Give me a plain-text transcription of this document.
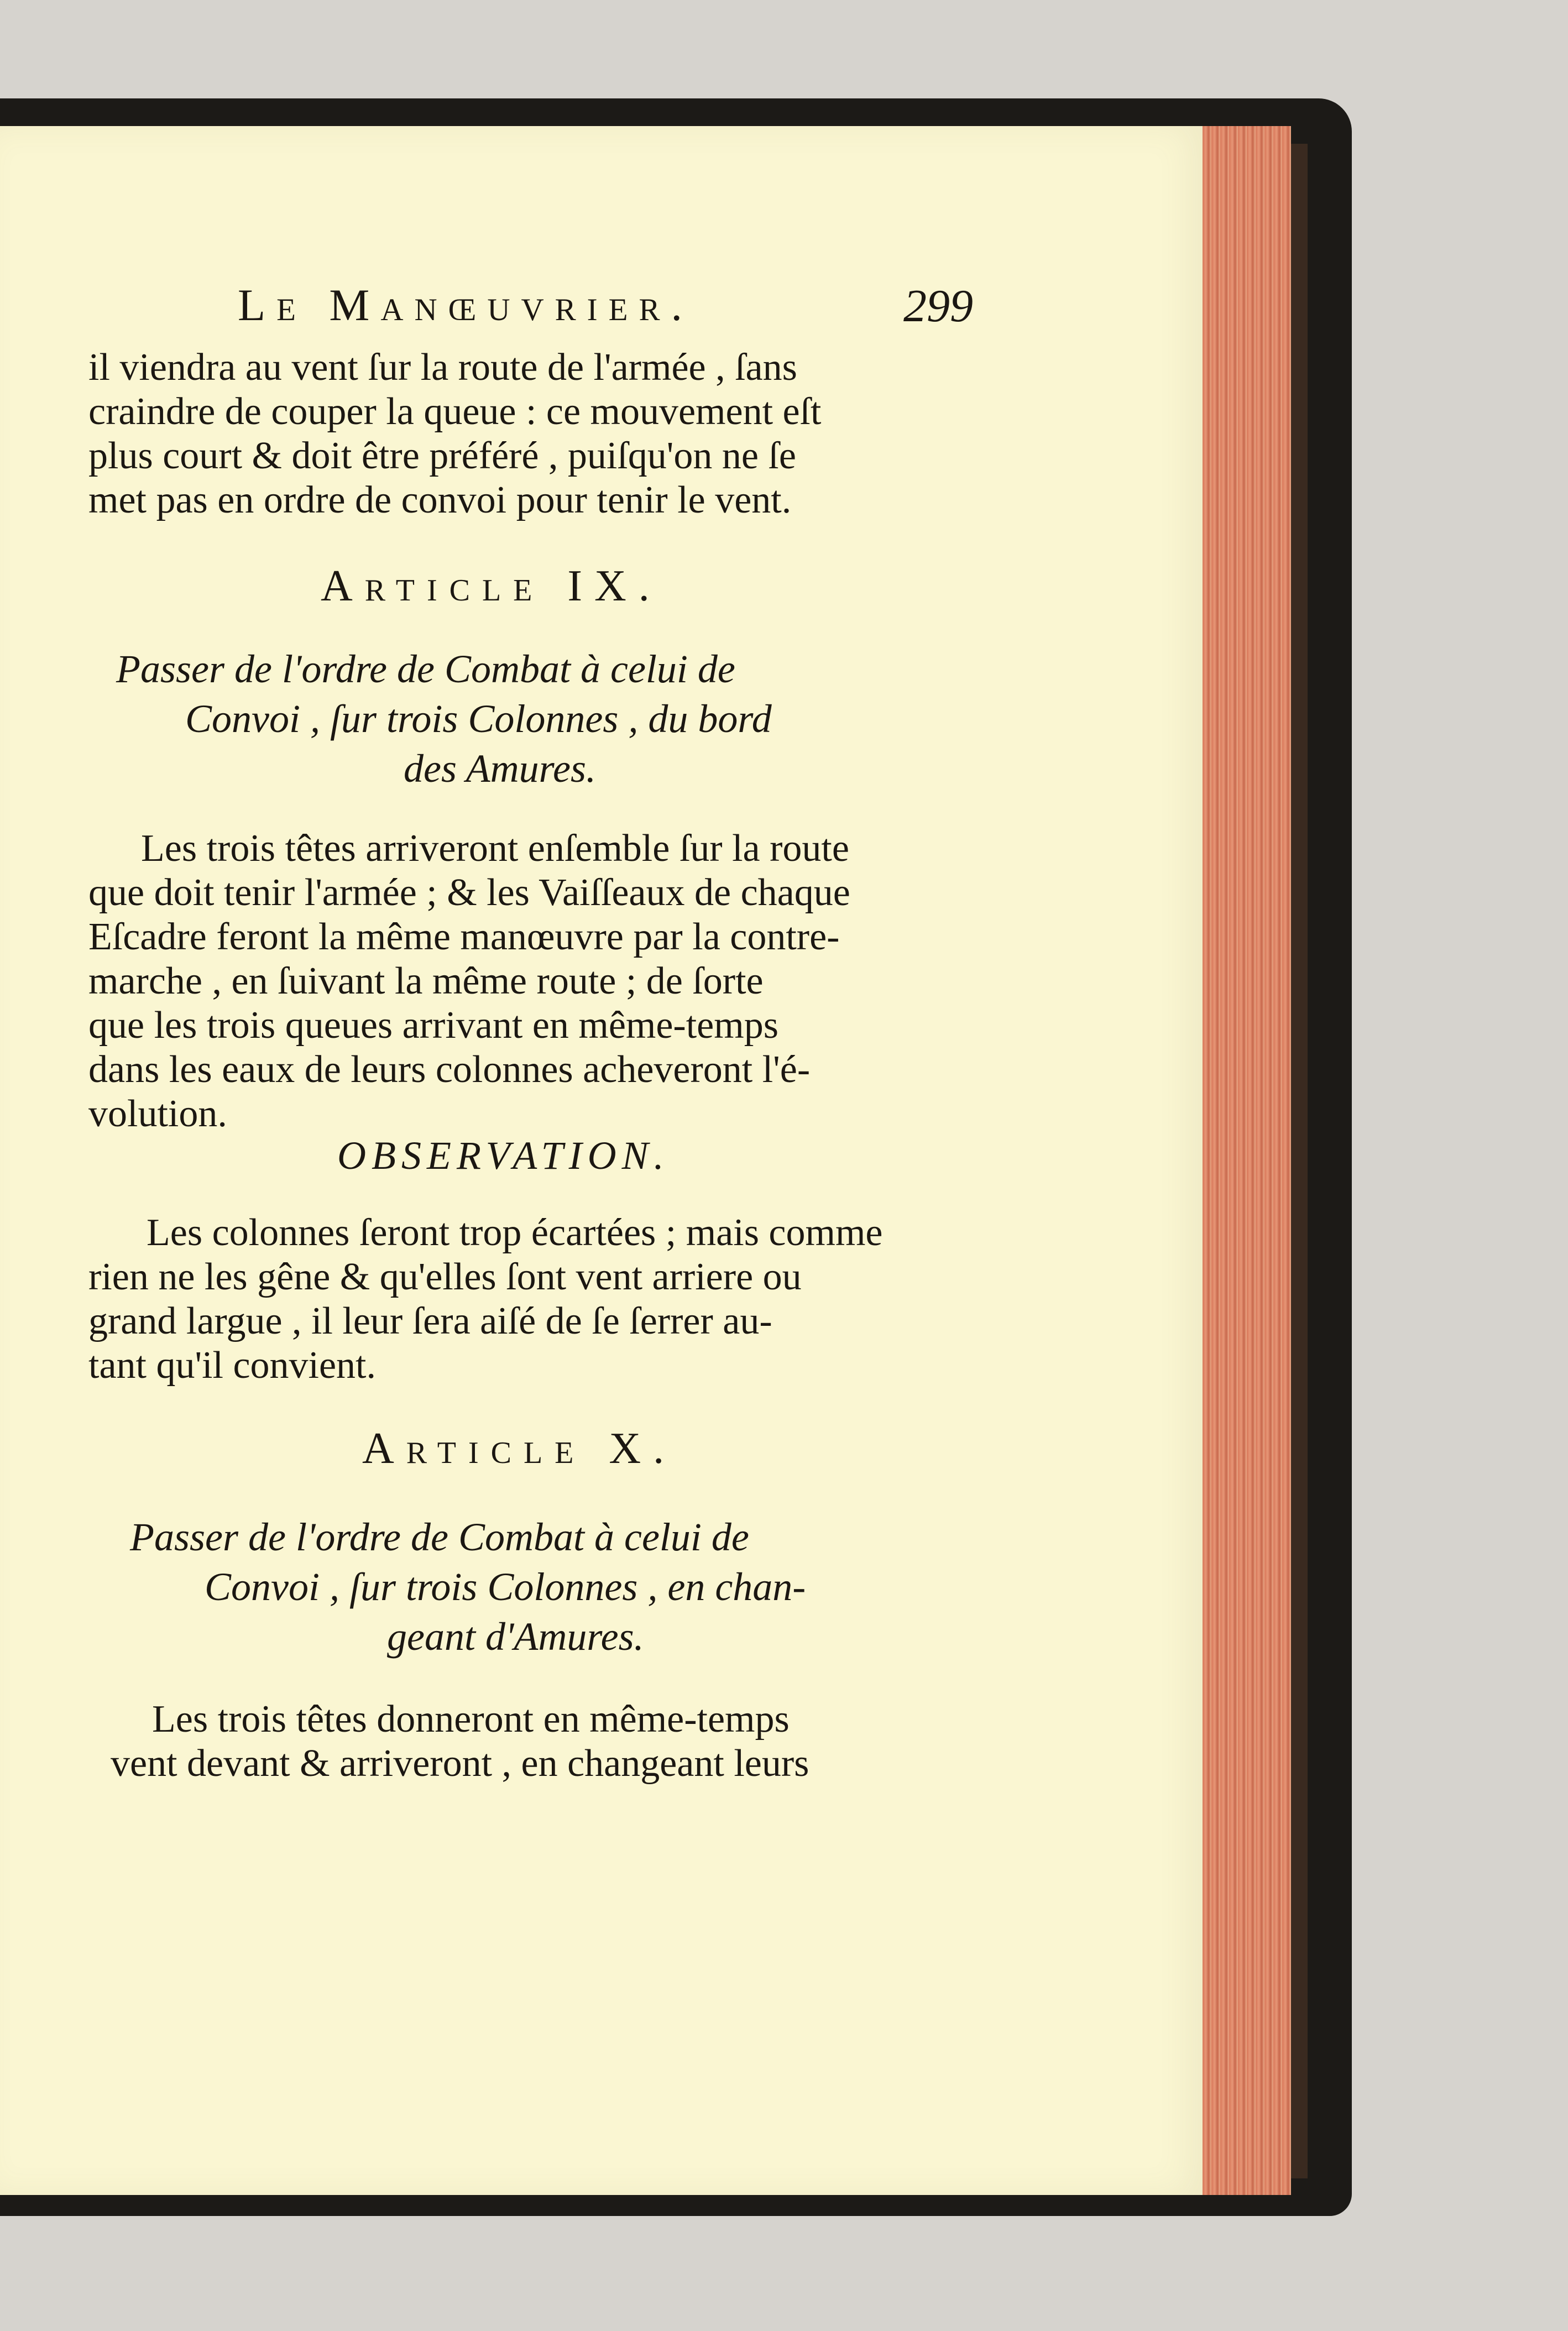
Le Manœuvrier.	299
il viendra au vent ſur la route de l'armée , ſans
craindre de couper la queue : ce mouvement eſt
plus court & doit être préféré , puiſqu'on ne ſe
met pas en ordre de convoi pour tenir le vent.
Article IX.
Passer de l'ordre de Combat à celui de
Convoi , ſur trois Colonnes , du bord
des Amures.
Les trois têtes arriveront enſemble ſur la route
que doit tenir l'armée ; & les Vaiſſeaux de chaque
Eſcadre feront la même manœuvre par la contre-
marche , en ſuivant la même route ; de ſorte
que les trois queues arrivant en même-temps
dans les eaux de leurs colonnes acheveront l'é-
volution.
OBSERVATION.
Les colonnes ſeront trop écartées ; mais comme
rien ne les gêne & qu'elles ſont vent arriere ou
grand largue , il leur ſera aiſé de ſe ſerrer au-
tant qu'il convient.
Article X.
Passer de l'ordre de Combat à celui de
Convoi , ſur trois Colonnes , en chan-
geant d'Amures.
Les trois têtes donneront en même-temps
vent devant & arriveront , en changeant leurs
